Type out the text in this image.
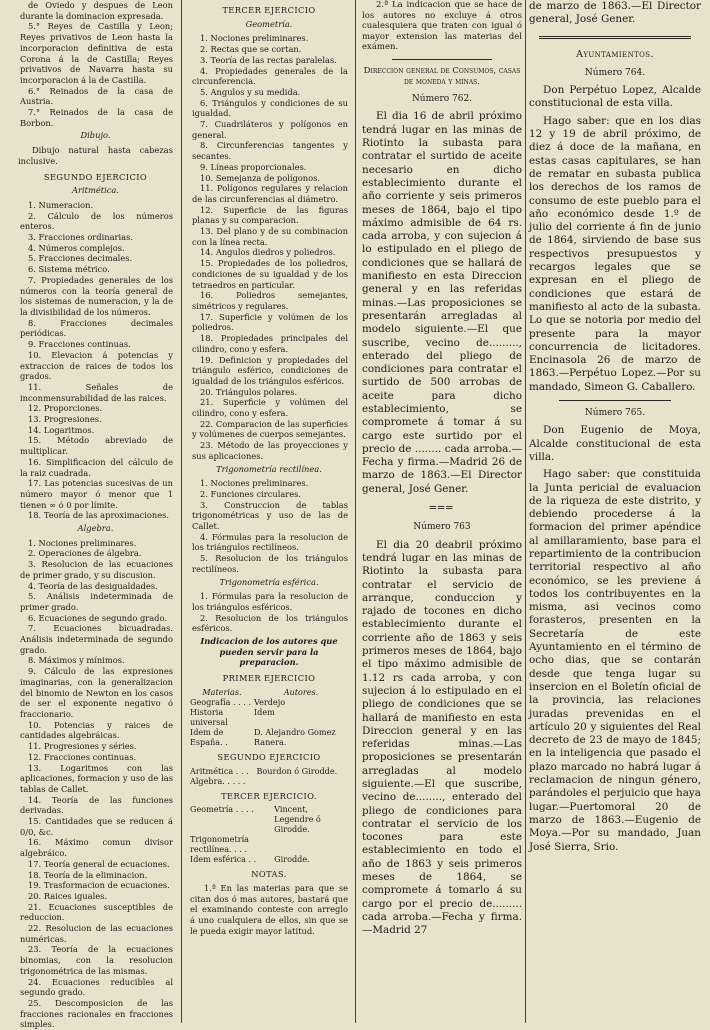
de Oviedo y despues de Leon durante la dominacion expresada.
5.° Reyes de Castilla y Leon; Reyes privativos de Leon hasta la incorporacion definitiva de esta Corona á la de Castilla; Reyes privativos de Navarra hasta su incorporacion á la de Castilla.
6.° Reinados de la casa de Austria.
7.° Reinados de la casa de Borbon.

Dibujo.

Dibujo natural hasta cabezas inclusive.

SEGUNDO EJERCICIO

Aritmética.

1. Numeracion.
2. Cálculo de los números enteros.
3. Fracciones ordinarias.
4. Números complejos.
5. Fracciones decimales.
6. Sistema métrico.
7. Propiedades generales de los números con la teoría general de los sistemas de numeracion, y la de la divisibilidad de los números.
8. Fracciones decimales periódicas.
9. Fracciones continuas.
10. Elevacion á potencias y extraccion de raices de todos los grados.
11. Señales de inconmensurabilidad de las raices.
12. Proporciones.
13. Progresiones.
14. Logaritmos.
15. Método abreviado de multiplicar.
16. Simplificacion del cálculo de la raiz cuadrada.
17. Las potencias sucesivas de un número mayor ó menor que 1 tienen ∞ ó 0 por límite.
18. Teoría de las aproximaciones.

Algebra.

1. Nociones preliminares.
2. Operaciones de álgebra.
3. Resolucion de las ecuaciones de primer grado, y su discusion.
4. Teoría de las desigualdades.
5. Análisis indeterminada de primer grado.
6. Ecuaciones de segundo grado.
7. Ecuaciones bicuadradas. Análisis indeterminada de segundo grado.
8. Máximos y mínimos.
9. Cálculo de las expresiones imaginarias, con la generalizacion del binomio de Newton en los casos de ser el exponente negativo ó fraccionario.
10. Potencias y raices de cantidades algebráicas.
11. Progresiones y séries.
12. Fracciones continuas.
13. Logaritmos con las aplicaciones, formacion y uso de las tablas de Callet.
14. Teoría de las funciones derivadas.
15. Cantidades que se reducen á 0/0, &c.
16. Máximo comun divisor algebráico.
17. Teoría general de ecuaciones.
18. Teoría de la eliminacion.
19. Trasformacion de ecuaciones.
20. Raices iguales.
21. Ecuaciones susceptibles de reduccion.
22. Resolucion de las ecuaciones numéricas.
23. Teoría de la ecuaciones binomias, con la resolucion trigonométrica de las mismas.
24. Ecuaciones reducibles al segundo grado.
25. Descomposicion de las fracciones racionales en fracciones simples.

TERCER EJERCICIO

Geometría.

1. Nociones preliminares.
2. Rectas que se cortan.
3. Teoría de las rectas paralelas.
4. Propiedades generales de la circunferencia.
5. Angulos y su medida.
6. Triángulos y condiciones de su igualdad.
7. Cuadriláteros y polígonos en general.
8. Circunferencias tangentes y secantes.
9. Líneas proporcionales.
10. Semejanza de polígonos.
11. Polígonos regulares y relacion de las circunferencias al diámetro.
12. Superficie de las figuras planas y su comparacion.
13. Del plano y de su combinacion con la línea recta.
14. Angulos diedros y poliedros.
15. Propiedades de los poliedros, condiciones de su igualdad y de los tetraedros en particular.
16. Poliedros semejantes, simétricos y regulares.
17. Superficie y volúmen de los poliedros.
18. Propiedades principales del cilindro, cono y esfera.
19. Definicion y propiedades del triángulo esférico, condiciones de igualdad de los triángulos esféricos.
20. Triángulos polares.
21. Superficie y volúmen del cilindro, cono y esfera.
22. Comparacion de las superficies y volúmenes de cuerpos semejantes.
23. Método de las proyecciones y sus aplicaciones.

Trigonometría rectilínea.

1. Nociones preliminares.
2. Funciones circulares.
3. Construccion de tablas trigonométricas y uso de las de Callet.
4. Fórmulas para la resolucion de los triángulos rectilíneos.
5. Resolucion de los triángulos rectilíneos.

Trigonometría esférica.

1. Fórmulas para la resolucion de los triángulos esféricos.
2. Resolucion de los triángulos esféricos.

Indicacion de los autores que pueden servir para la preparacion.

PRIMER EJERCICIO

Materias.	Autores.
Geografía . . . .	Verdejo
Historia universal	Idem
Idem de España. .	D. Alejandro Gomez Ranera.

SEGUNDO EJERCICIO

Aritmética . . .	Bourdon ó Girodde.
Algebra. . . . .	

TERCER EJERCICIO.

Geometría . . . .	Vincent, Legendre ó Girodde.
Trigonometría rectilínea. . . .	
Idem esférica . .	Girodde.

NOTAS.

1.ª En las materias para que se citan dos ó mas autores, bastará que el examinando conteste con arreglo á uno cualquiera de ellos, sin que se le pueda exigir mayor latitud.

2.ª La indicacion que se hace de los autores no excluye á otros cualesquiera que traten con igual ó mayor extension las materias del exámen.

Direccion general de Consumos, casas de moneda y minas.

Número 762.

El dia 16 de abril próximo tendrá lugar en las minas de Riotinto la subasta para contratar el surtido de aceite necesario en dicho establecimiento durante el año corriente y seis primeros meses de 1864, bajo el tipo máximo admisible de 64 rs. cada arroba, y con sujecion á lo estipulado en el pliego de condiciones que se hallará de manifiesto en esta Direccion general y en las referidas minas.—Las proposiciones se presentarán arregladas al modelo siguiente.—El que suscribe, vecino de........., enterado del pliego de condiciones para contratar el surtido de 500 arrobas de aceite para dicho establecimiento, se compromete á tomar á su cargo este surtido por el precio de ........ cada arroba.—Fecha y firma.—Madrid 26 de marzo de 1863.—El Director general, José Gener.

═══

Número 763

El dia 20 deabril próximo tendrá lugar en las minas de Riotinto la subasta para contratar el servicio de arranque, conduccion y rajado de tocones en dicho establecimiento durante el corriente año de 1863 y seis primeros meses de 1864, bajo el tipo máximo admisible de 1.12 rs cada arroba, y con sujecion á lo estipulado en el pliego de condiciones que se hallará de manifiesto en esta Direccion general y en las referidas minas.—Las proposiciones se presentarán arregladas al modelo siguiente.—El que suscribe, vecino de........, enterado del pliego de condiciones para contratar el servicio de los tocones para este establecimiento en todo el año de 1863 y seis primeros meses de 1864, se compromete á tomarlo á su cargo por el precio de......... cada arroba.—Fecha y firma.—Madrid 27

de marzo de 1863.—El Director general, José Gener.

Ayuntamientos.

Número 764.

Don Perpétuo Lopez, Alcalde constitucional de esta villa.

Hago saber: que en los dias 12 y 19 de abril próximo, de diez á doce de la mañana, en estas casas capitulares, se han de rematar en subasta publica los derechos de los ramos de consumo de este pueblo para el año económico desde 1.º de julio del corriente á fin de junio de 1864, sirviendo de base sus respectivos presupuestos y recargos legales que se expresan en el pliego de condiciones que estará de manifiesto al acto de la subasta. Lo que se notoria por medio del presente para la mayor concurrencia de licitadores. Encinasola 26 de marzo de 1863.—Perpétuo Lopez.—Por su mandado, Simeon G. Caballero.

Número 765.

Don Eugenio de Moya, Alcalde constitucional de esta villa.

Hago saber: que constituida la Junta pericial de evaluacion de la riqueza de este distrito, y debiendo procederse á la formacion del primer apéndice al amillaramiento, base para el repartimiento de la contribucion territorial respectivo al año económico, se les previene á todos los contribuyentes en la misma, asi vecinos como forasteros, presenten en la Secretaría de este Ayuntamiento en el término de ocho dias, que se contarán desde que tenga lugar su insercion en el Boletín oficial de la provincia, las relaciones juradas prevenidas en el artículo 20 y siguientes del Real decreto de 23 de mayo de 1845; en la inteligencia que pasado el plazo marcado no habrá lugar á reclamacion de ningun género, parándoles el perjuicio que haya lugar.—Puertomoral 20 de marzo de 1863.—Eugenio de Moya.—Por su mandado, Juan José Sierra, Srio.
